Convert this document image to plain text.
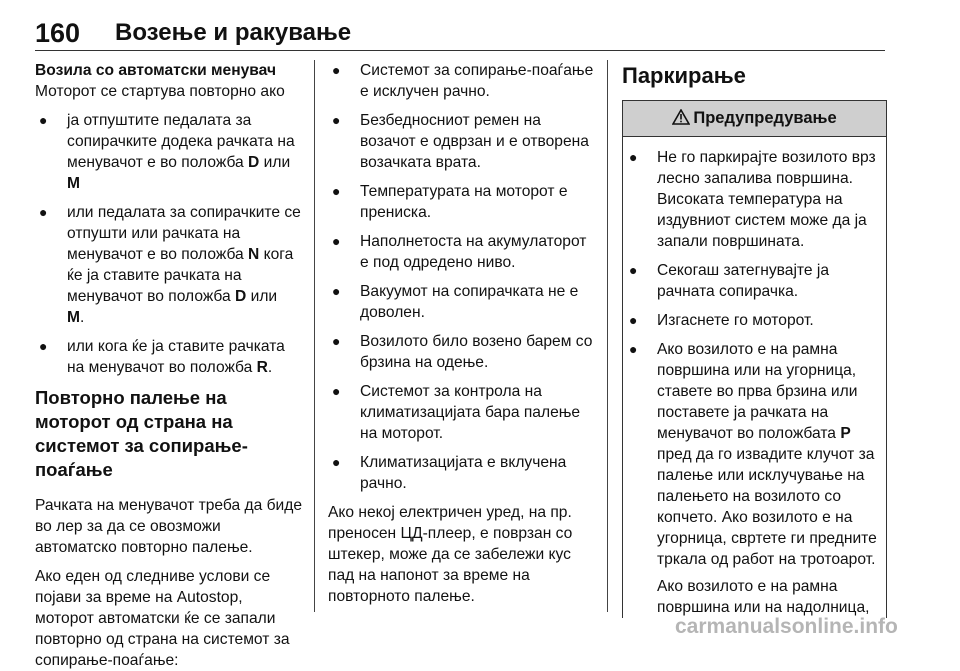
160 Возење и ракување
Возила со автоматски менувач

Моторот се стартува повторно ако

● ја отпуштите педалата за сопирачките додека рачката на менувачот е во положба D или
M
● или педалата за сопирачките се отпушти или рачката на менувачот е во положба N кога ќе ја ставите рачката на менувачот во положба D или
M.
● или кога ќе ја ставите рачката на менувачот во положба R.
Повторно палење на моторот од страна на системот за сопирање-поаѓање

Рачката на менувачот треба да биде во лер за да се овозможи автоматско повторно палење.

Ако еден од следниве услови се појави за време на Autostop, моторот автоматски ќе се запали повторно од страна на системот за сопирање-поаѓање:

● Системот за сопирање-поаѓање е исклучен рачно.
● Безбедносниот ремен на возачот е одврзан и е отворена возачката врата.
● Температурата на моторот е прениска.
● Наполнетоста на акумулаторот е под одредено ниво.
● Вакуумот на сопирачката не е доволен.
● Возилото било возено барем со брзина на одење.
● Системот за контрола на климатизацијата бара палење на моторот.
● Климатизацијата е вклучена рачно.

Ако некој електричен уред, на пр. преносен ЦД-плеер, е поврзан со штекер, може да се забележи кус пад на напонот за време на повторното палење.

Паркирање
Предупредување
● Не го паркирајте возилото врз лесно запалива површина. Високата температура на издувниот систем може да ја запали површината.
● Секогаш затегнувајте ја рачната сопирачка.
● Изгаснете го моторот.
● Ако возилото е на рамна површина или на угорница, ставете во прва брзина или поставете ја рачката на менувачот во положбата P пред да го извадите клучот за палење или исклучување на палењето на возилото со копчето. Ако возилото е на угорница, свртете ги предните тркала од работ на тротоарот.
Ако возилото е на рамна површина или на надолница,
carmanualsonline.info
